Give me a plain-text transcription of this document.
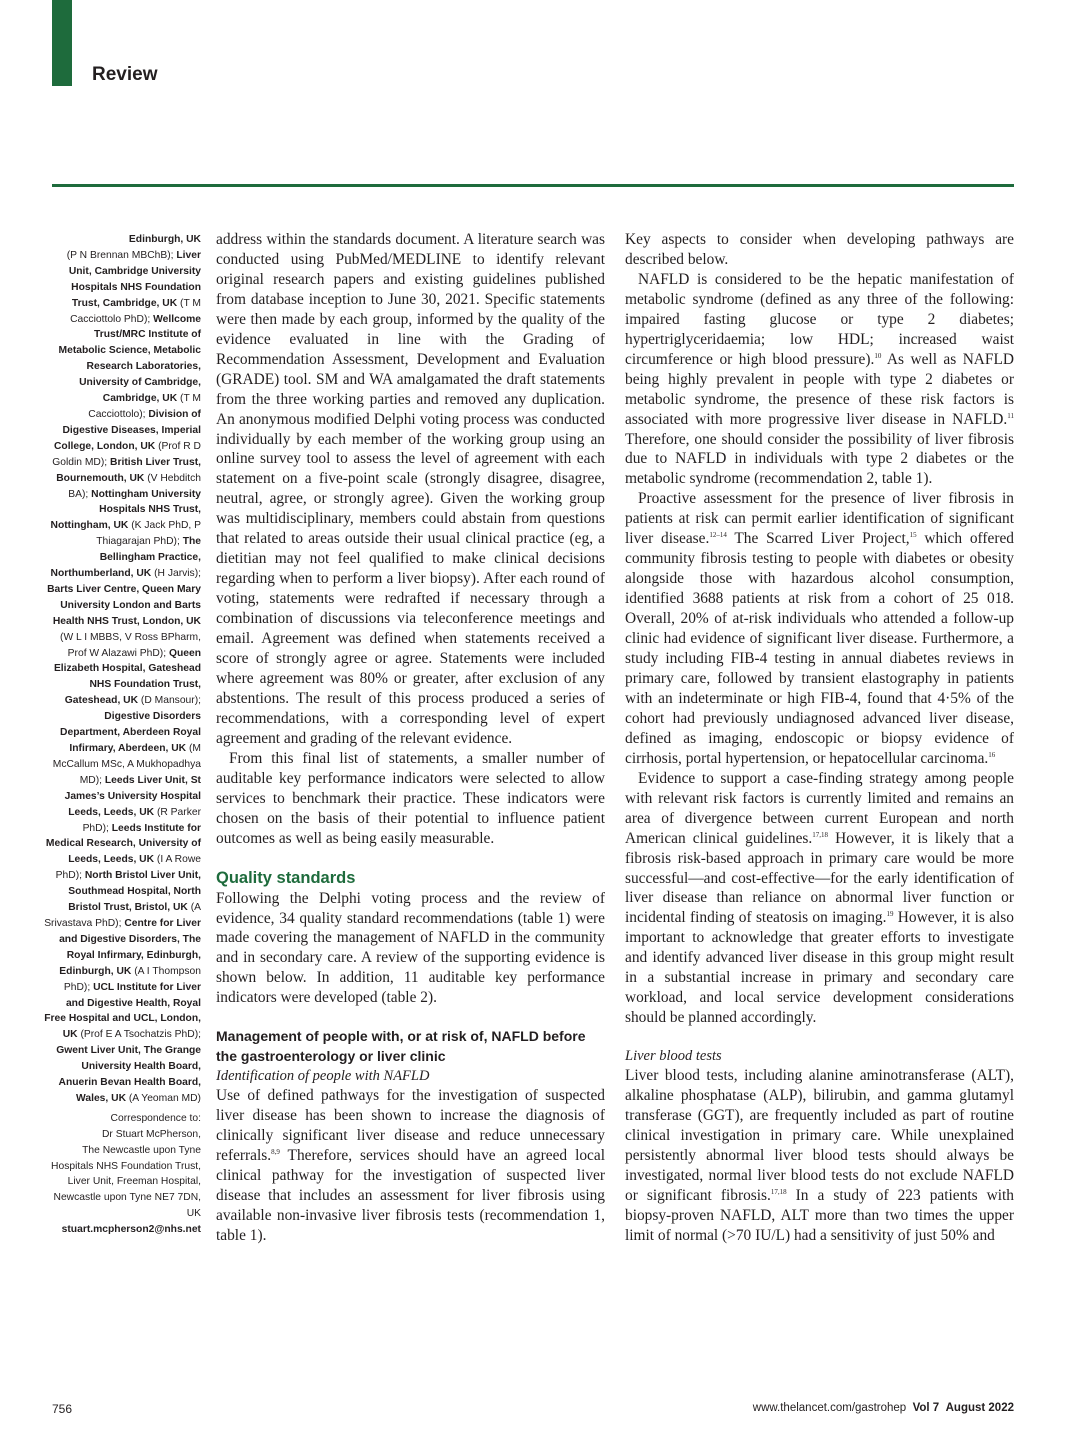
Review
Edinburgh, UK
(P N Brennan MBChB); Liver Unit, Cambridge University Hospitals NHS Foundation Trust, Cambridge, UK (T M Cacciottolo PhD); Wellcome Trust/MRC Institute of Metabolic Science, Metabolic Research Laboratories, University of Cambridge, Cambridge, UK (T M Cacciottolo); Division of Digestive Diseases, Imperial College, London, UK (Prof R D Goldin MD); British Liver Trust, Bournemouth, UK (V Hebditch BA); Nottingham University Hospitals NHS Trust, Nottingham, UK (K Jack PhD, P Thiagarajan PhD); The Bellingham Practice, Northumberland, UK (H Jarvis); Barts Liver Centre, Queen Mary University London and Barts Health NHS Trust, London, UK (W L I MBBS, V Ross BPharm, Prof W Alazawi PhD); Queen Elizabeth Hospital, Gateshead NHS Foundation Trust, Gateshead, UK (D Mansour); Digestive Disorders Department, Aberdeen Royal Infirmary, Aberdeen, UK (M McCallum MSc, A Mukhopadhya MD); Leeds Liver Unit, St James’s University Hospital Leeds, Leeds, UK (R Parker PhD); Leeds Institute for Medical Research, University of Leeds, Leeds, UK (I A Rowe PhD); North Bristol Liver Unit, Southmead Hospital, North Bristol Trust, Bristol, UK (A Srivastava PhD); Centre for Liver and Digestive Disorders, The Royal Infirmary, Edinburgh, Edinburgh, UK (A I Thompson PhD); UCL Institute for Liver and Digestive Health, Royal Free Hospital and UCL, London, UK (Prof E A Tsochatzis PhD); Gwent Liver Unit, The Grange University Health Board, Anuerin Bevan Health Board, Wales, UK (A Yeoman MD)
Correspondence to:
Dr Stuart McPherson,
The Newcastle upon Tyne Hospitals NHS Foundation Trust, Liver Unit, Freeman Hospital, Newcastle upon Tyne NE7 7DN, UK
stuart.mcpherson2@nhs.net

address within the standards document. A literature search was conducted using PubMed/MEDLINE to identify relevant original research papers and existing guidelines published from database inception to June 30, 2021. Specific statements were then made by each group, informed by the quality of the evidence evaluated in line with the Grading of Recommendation Assessment, Development and Evaluation (GRADE) tool. SM and WA amalgamated the draft statements from the three working parties and removed any duplication. An anonymous modified Delphi voting process was conducted individually by each member of the working group using an online survey tool to assess the level of agreement with each statement on a five-point scale (strongly disagree, disagree, neutral, agree, or strongly agree). Given the working group was multidisciplinary, members could abstain from questions that related to areas outside their usual clinical practice (eg, a dietitian may not feel qualified to make clinical decisions regarding when to perform a liver biopsy). After each round of voting, statements were redrafted if necessary through a combination of discussions via teleconference meetings and email. Agreement was defined when statements received a score of strongly agree or agree. Statements were included where agreement was 80% or greater, after exclusion of any abstentions. The result of this process produced a series of recommendations, with a corresponding level of expert agreement and grading of the relevant evidence.

From this final list of statements, a smaller number of auditable key performance indicators were selected to allow services to benchmark their practice. These indicators were chosen on the basis of their potential to influence patient outcomes as well as being easily measurable.

Quality standards

Following the Delphi voting process and the review of evidence, 34 quality standard recommendations (table 1) were made covering the management of NAFLD in the community and in secondary care. A review of the supporting evidence is shown below. In addition, 11 auditable key performance indicators were developed (table 2).

Management of people with, or at risk of, NAFLD before the gastroenterology or liver clinic
Identification of people with NAFLD

Use of defined pathways for the investigation of suspected liver disease has been shown to increase the diagnosis of clinically significant liver disease and reduce unnecessary referrals.$^{8,9}$ Therefore, services should have an agreed local clinical pathway for the investigation of suspected liver disease that includes an assessment for liver fibrosis using available non-invasive liver fibrosis tests (recommendation 1, table 1).

Key aspects to consider when developing pathways are described below.

NAFLD is considered to be the hepatic manifestation of metabolic syndrome (defined as any three of the following: impaired fasting glucose or type 2 diabetes; hypertriglyceridaemia; low HDL; increased waist circumference or high blood pressure).$^{10}$ As well as NAFLD being highly prevalent in people with type 2 diabetes or metabolic syndrome, the presence of these risk factors is associated with more progressive liver disease in NAFLD.$^{11}$ Therefore, one should consider the possibility of liver fibrosis due to NAFLD in individuals with type 2 diabetes or the metabolic syndrome (recommendation 2, table 1).

Proactive assessment for the presence of liver fibrosis in patients at risk can permit earlier identification of significant liver disease.$^{12-14}$ The Scarred Liver Project,$^{15}$ which offered community fibrosis testing to people with diabetes or obesity alongside those with hazardous alcohol consumption, identified 3688 patients at risk from a cohort of 25 018. Overall, 20% of at-risk individuals who attended a follow-up clinic had evidence of significant liver disease. Furthermore, a study including FIB-4 testing in annual diabetes reviews in primary care, followed by transient elastography in patients with an indeterminate or high FIB-4, found that 4·5% of the cohort had previously undiagnosed advanced liver disease, defined as imaging, endoscopic or biopsy evidence of cirrhosis, portal hypertension, or hepatocellular carcinoma.$^{16}$

Evidence to support a case-finding strategy among people with relevant risk factors is currently limited and remains an area of divergence between current European and north American clinical guidelines.$^{17,18}$ However, it is likely that a fibrosis risk-based approach in primary care would be more successful—and cost-effective—for the early identification of liver disease than reliance on abnormal liver function or incidental finding of steatosis on imaging.$^{19}$ However, it is also important to acknowledge that greater efforts to investigate and identify advanced liver disease in this group might result in a substantial increase in primary and secondary care workload, and local service development considerations should be planned accordingly.

Liver blood tests

Liver blood tests, including alanine aminotransferase (ALT), alkaline phosphatase (ALP), bilirubin, and gamma glutamyl transferase (GGT), are frequently included as part of routine clinical investigation in primary care. While unexplained persistently abnormal liver blood tests should always be investigated, normal liver blood tests do not exclude NAFLD or significant fibrosis.$^{17,18}$ In a study of 223 patients with biopsy-proven NAFLD, ALT more than two times the upper limit of normal (>70 IU/L) had a sensitivity of just 50% and

756	www.thelancet.com/gastrohep Vol 7 August 2022
